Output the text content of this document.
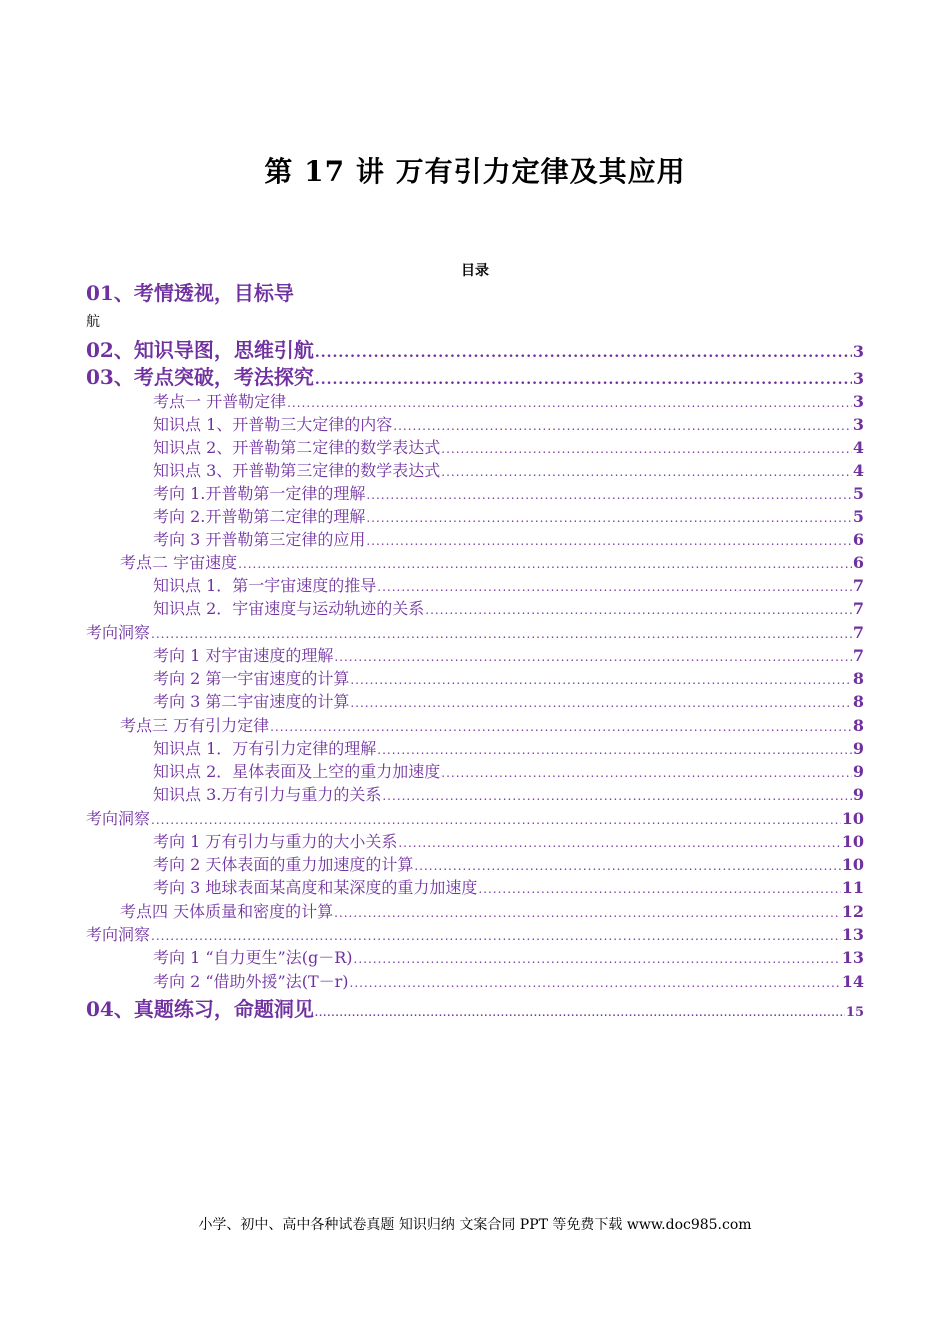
第 17 讲 万有引力定律及其应用
目录
01、考情透视，目标导
航
02、知识导图，思维引航 .....	3
03、考点突破，考法探究 .....	3
考点一 开普勒定律 .....	3
知识点 1、开普勒三大定律的内容 .....	3
知识点 2、开普勒第二定律的数学表达式 .....	4
知识点 3、开普勒第三定律的数学表达式 .....	4
考向 1.开普勒第一定律的理解 .....	5
考向 2.开普勒第二定律的理解 .....	5
考向 3 开普勒第三定律的应用 .....	6
考点二 宇宙速度 .....	6
知识点 1．第一宇宙速度的推导 .....	7
知识点 2．宇宙速度与运动轨迹的关系 .....	7
考向洞察 .....	7
考向 1 对宇宙速度的理解 .....	7
考向 2 第一宇宙速度的计算 .....	8
考向 3 第二宇宙速度的计算 .....	8
考点三 万有引力定律 .....	8
知识点 1．万有引力定律的理解 .....	9
知识点 2．星体表面及上空的重力加速度 .....	9
知识点 3.万有引力与重力的关系 .....	9
考向洞察 .....	10
考向 1 万有引力与重力的大小关系 .....	10
考向 2 天体表面的重力加速度的计算 .....	10
考向 3 地球表面某高度和某深度的重力加速度 .....	11
考点四 天体质量和密度的计算 .....	12
考向洞察 .....	13
考向 1 “自力更生”法(g－R) .....	13
考向 2 “借助外援”法(T－r) .....	14
04、真题练习，命题洞见 .....	15
小学、初中、高中各种试卷真题 知识归纳 文案合同 PPT 等免费下载 www.doc985.com
